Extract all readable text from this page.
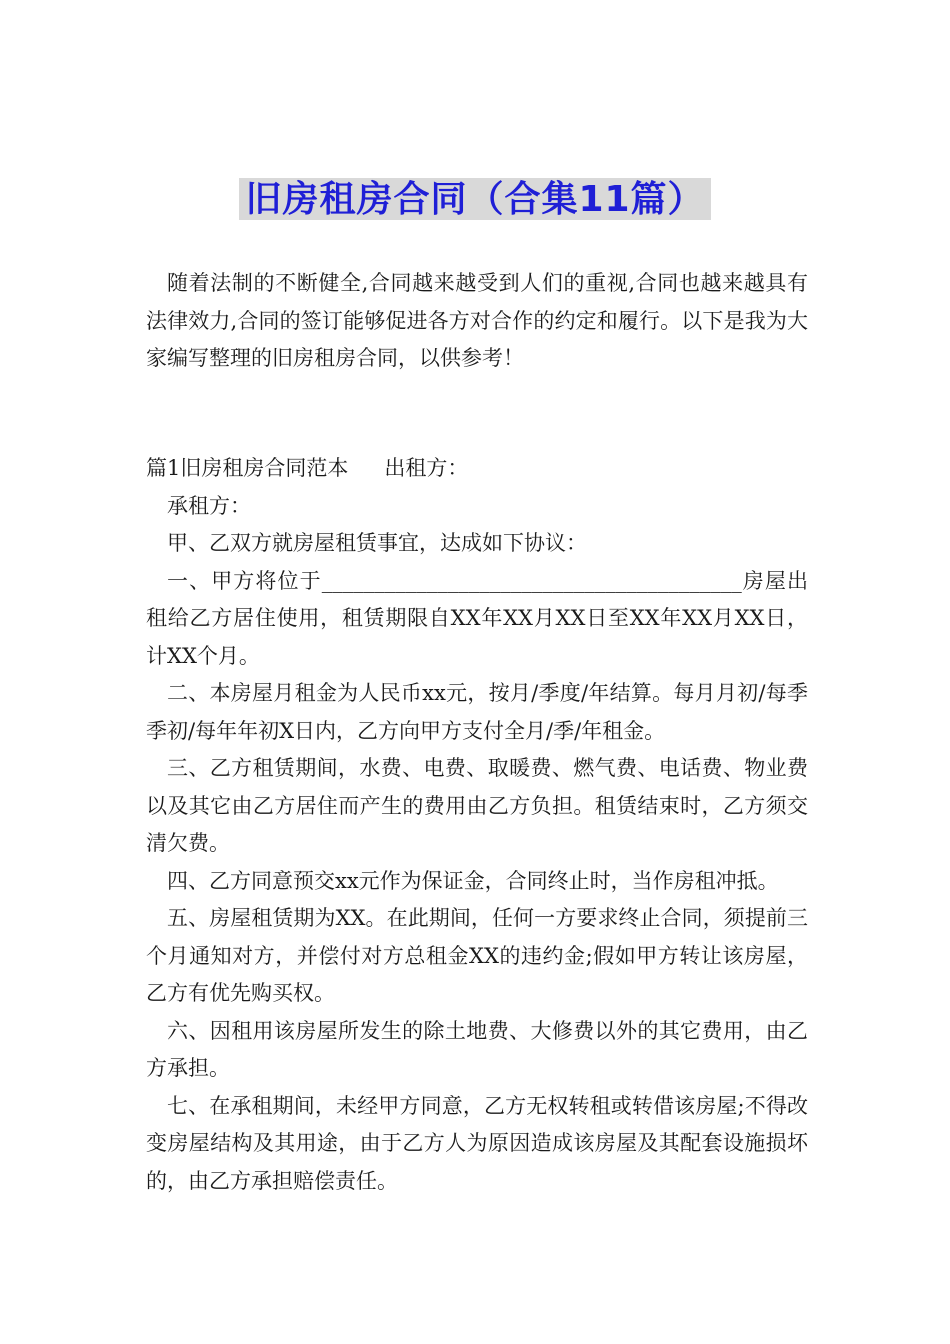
旧房租房合同（合集11篇）
随着法制的不断健全,合同越来越受到人们的重视,合同也越来越具有法律效力,合同的签订能够促进各方对合作的约定和履行。以下是我为大家编写整理的旧房租房合同，以供参考！

篇1旧房租房合同范本 出租方：

承租方：

甲、乙双方就房屋租赁事宜，达成如下协议：

一、甲方将位于________________________________________房屋出租给乙方居住使用，租赁期限自XX年XX月XX日至XX年XX月XX日，计XX个月。

二、本房屋月租金为人民币xx元，按月/季度/年结算。每月月初/每季季初/每年年初X日内，乙方向甲方支付全月/季/年租金。

三、乙方租赁期间，水费、电费、取暖费、燃气费、电话费、物业费以及其它由乙方居住而产生的费用由乙方负担。租赁结束时，乙方须交清欠费。

四、乙方同意预交xx元作为保证金，合同终止时，当作房租冲抵。

五、房屋租赁期为XX。在此期间，任何一方要求终止合同，须提前三个月通知对方，并偿付对方总租金XX的违约金;假如甲方转让该房屋，乙方有优先购买权。

六、因租用该房屋所发生的除土地费、大修费以外的其它费用，由乙方承担。

七、在承租期间，未经甲方同意，乙方无权转租或转借该房屋;不得改变房屋结构及其用途，由于乙方人为原因造成该房屋及其配套设施损坏的，由乙方承担赔偿责任。
